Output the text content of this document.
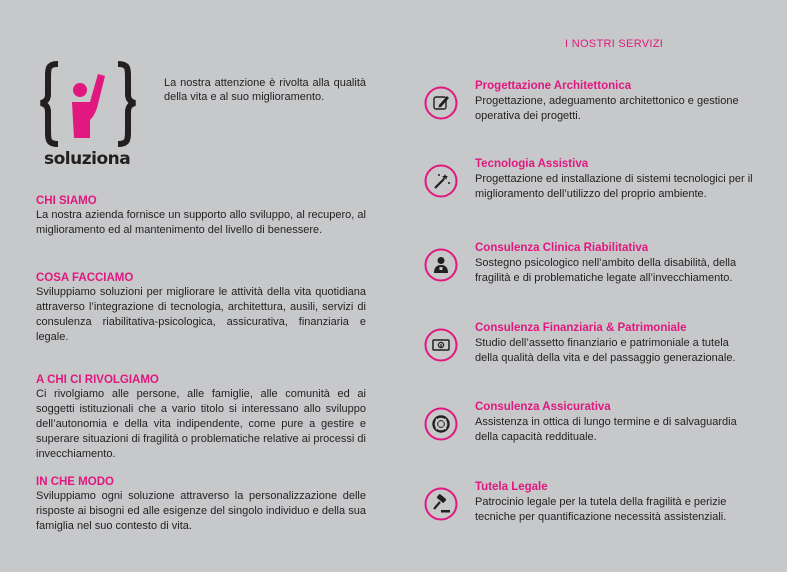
soluziona
La nostra attenzione è rivolta alla qualità della vita e al suo miglioramento.
CHI SIAMO

La nostra azienda fornisce un supporto allo sviluppo, al recupero, al miglioramento ed al mantenimento del livello di benessere.

COSA FACCIAMO

Sviluppiamo soluzioni per migliorare le attività della vita quotidiana attraverso l’integrazione di tecnologia, architettura, ausili, servizi di consulenza riabilitativa-psicologica, assicurativa, finanziaria e legale.

A CHI CI RIVOLGIAMO

Ci rivolgiamo alle persone, alle famiglie, alle comunità ed ai soggetti istituzionali che a vario titolo si interessano allo sviluppo dell’autonomia e della vita indipendente, come pure a gestire e superare situazioni di fragilità o problematiche relative ai processi di invecchiamento.

IN CHE MODO

Sviluppiamo ogni soluzione attraverso la personalizzazione delle risposte ai bisogni ed alle esigenze del singolo individuo e della sua famiglia nel suo contesto di vita.

I NOSTRI SERVIZI
Progettazione Architettonica

Progettazione, adeguamento architettonico e gestione operativa dei progetti.

Tecnologia Assistiva

Progettazione ed installazione di sistemi tecnologici per il miglioramento dell’utilizzo del proprio ambiente.

Consulenza Clinica Riabilitativa

Sostegno psicologico nell’ambito della disabilità, della fragilità e di problematiche legate all’invecchiamento.

$
Consulenza Finanziaria & Patrimoniale

Studio dell’assetto finanziario e patrimoniale a tutela della qualità della vita e del passaggio generazionale.

Consulenza Assicurativa

Assistenza in ottica di lungo termine e di salvaguardia della capacità reddituale.

Tutela Legale

Patrocinio legale per la tutela della fragilità e perizie tecniche per quantificazione necessità assistenziali.
